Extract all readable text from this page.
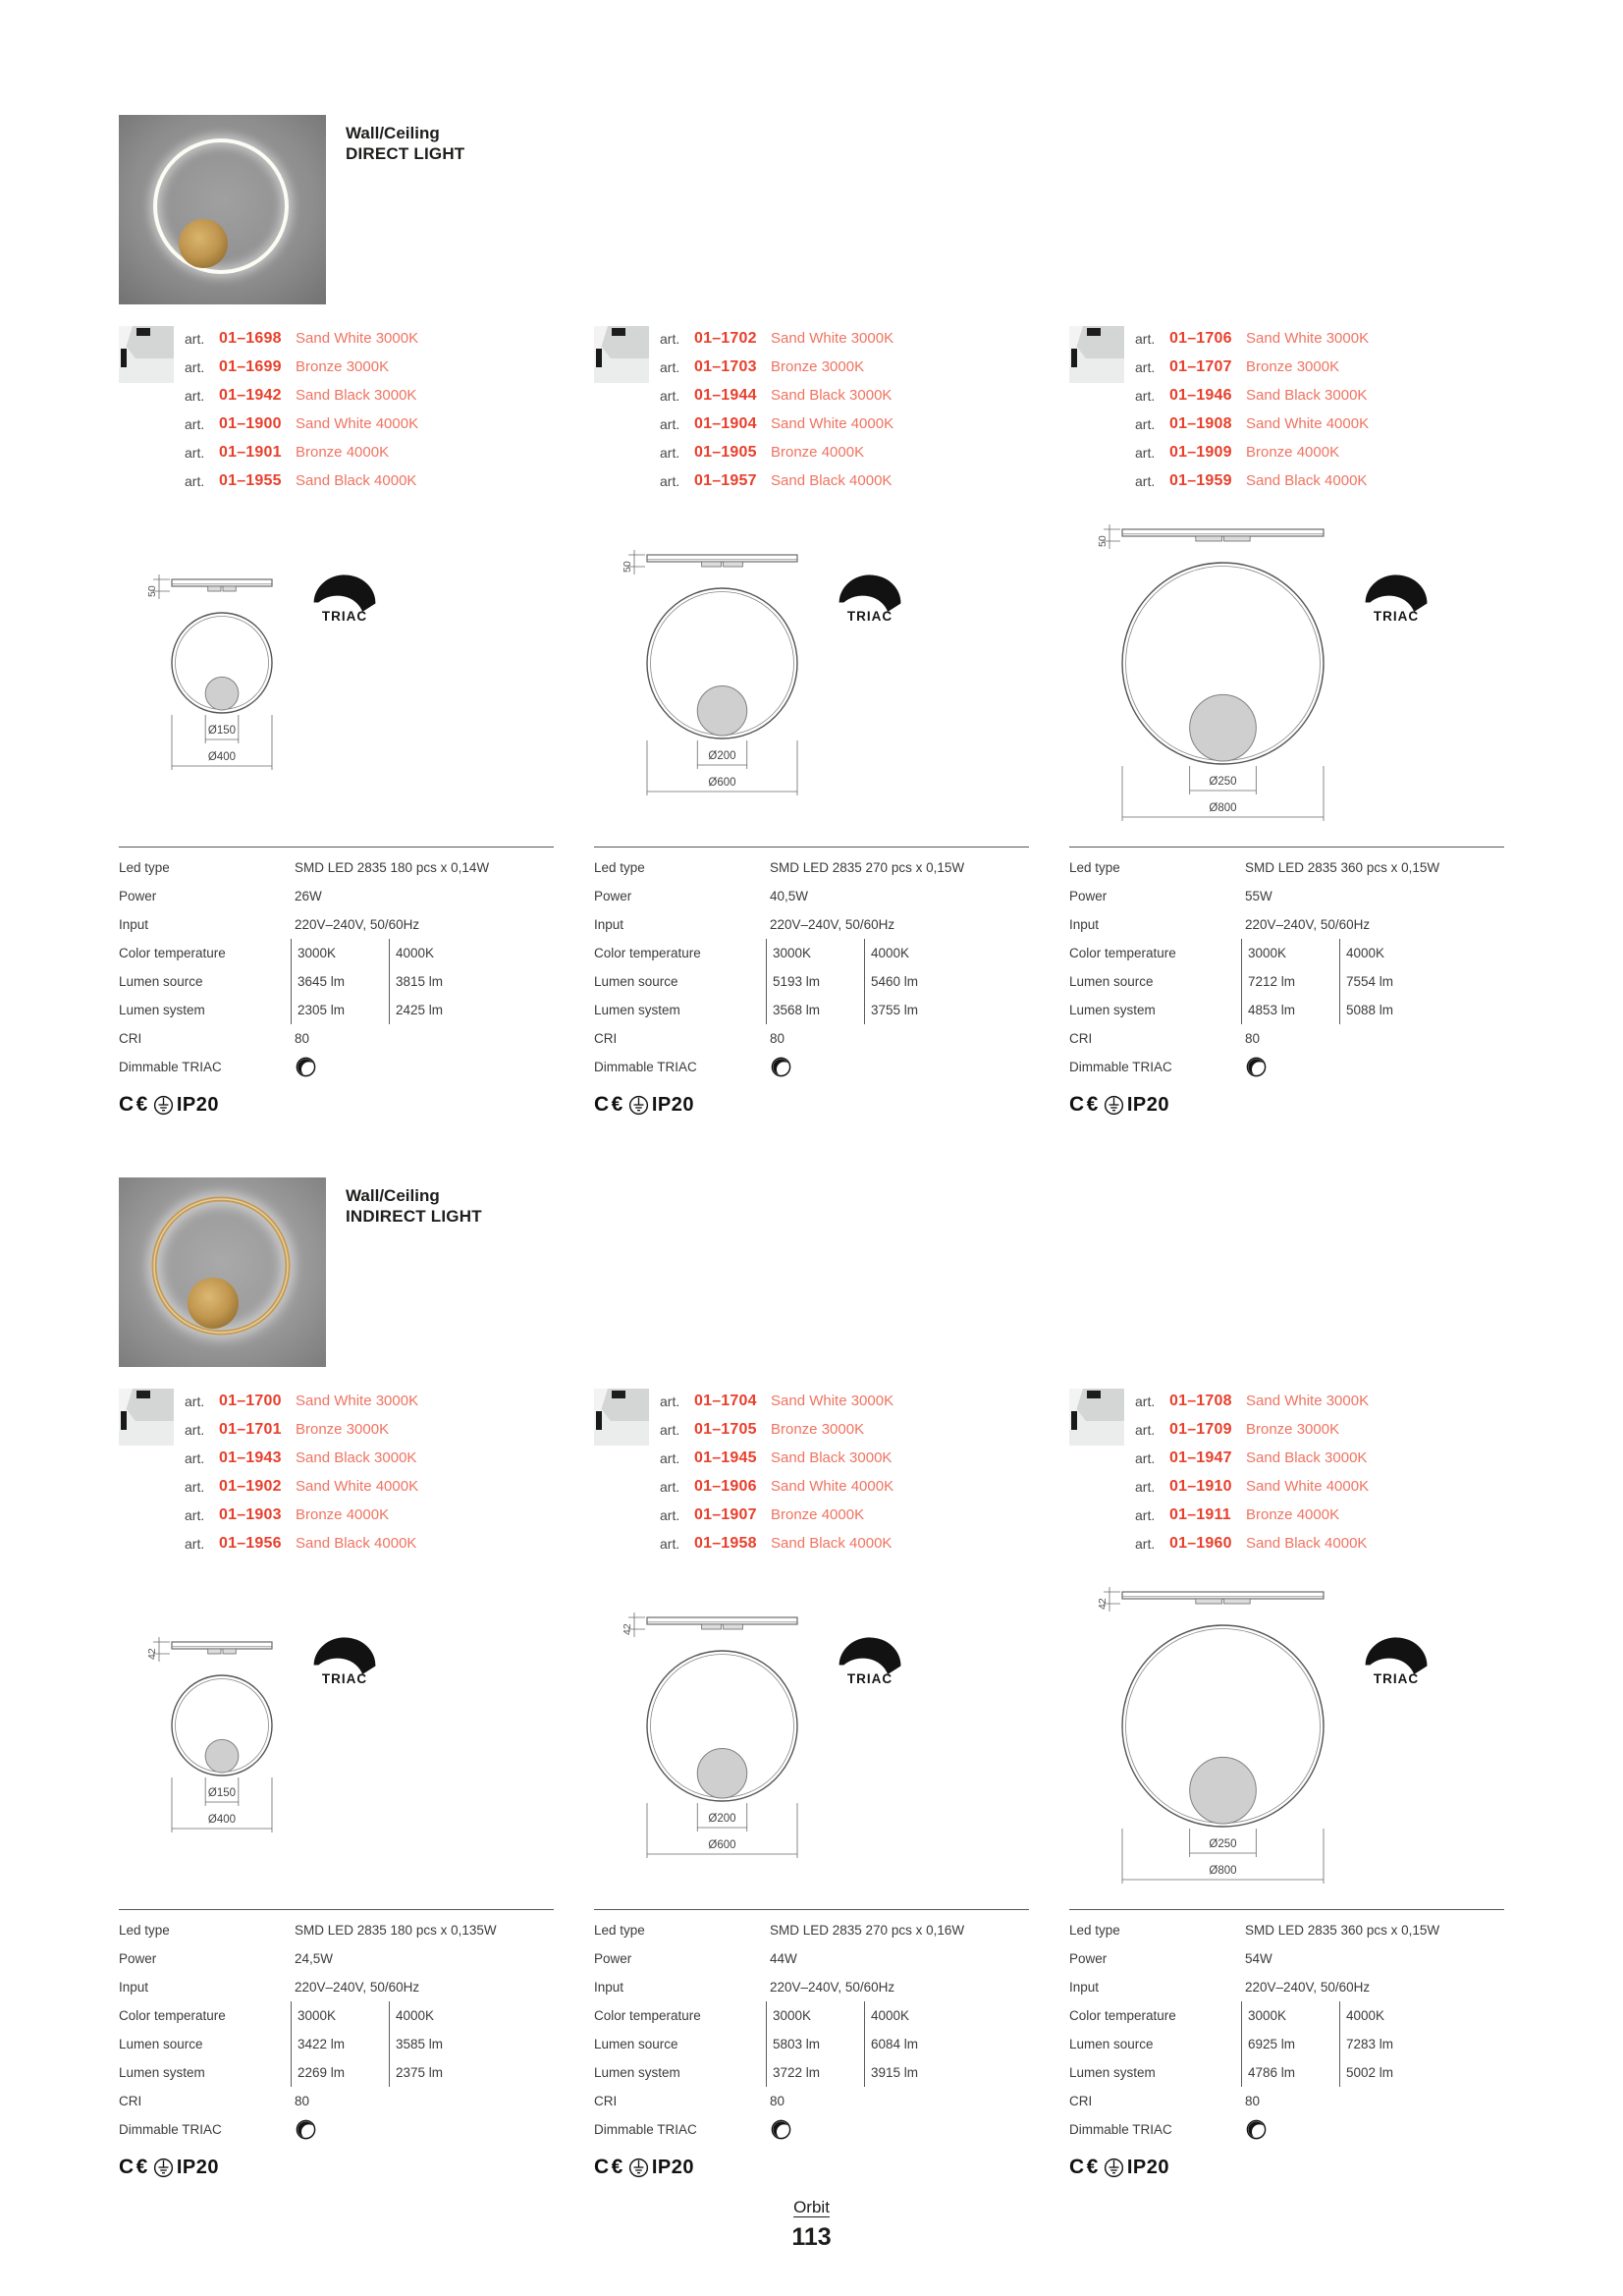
Wall/Ceiling
DIRECT LIGHT
art. 01–1698 Sand White 3000K
art. 01–1699 Bronze 3000K
art. 01–1942 Sand Black 3000K
art. 01–1900 Sand White 4000K
art. 01–1901 Bronze 4000K
art. 01–1955 Sand Black 4000K
art. 01–1702 Sand White 3000K
art. 01–1703 Bronze 3000K
art. 01–1944 Sand Black 3000K
art. 01–1904 Sand White 4000K
art. 01–1905 Bronze 4000K
art. 01–1957 Sand Black 4000K
art. 01–1706 Sand White 3000K
art. 01–1707 Bronze 3000K
art. 01–1946 Sand Black 3000K
art. 01–1908 Sand White 4000K
art. 01–1909 Bronze 4000K
art. 01–1959 Sand Black 4000K
50
Ø150
Ø400
TRIAC
50
Ø200
Ø600
TRIAC
50
Ø250
Ø800
TRIAC
Led type	SMD LED 2835 180 pcs x 0,14W
Power	26W
Input	220V–240V, 50/60Hz
Color temperature	3000K	4000K
Lumen source	3645 lm	3815 lm
Lumen system	2305 lm	2425 lm
CRI	80
Dimmable TRIAC
C€ IP20
Led type	SMD LED 2835 270 pcs x 0,15W
Power	40,5W
Input	220V–240V, 50/60Hz
Color temperature	3000K	4000K
Lumen source	5193 lm	5460 lm
Lumen system	3568 lm	3755 lm
CRI	80
Dimmable TRIAC
C€ IP20
Led type	SMD LED 2835 360 pcs x 0,15W
Power	55W
Input	220V–240V, 50/60Hz
Color temperature	3000K	4000K
Lumen source	7212 lm	7554 lm
Lumen system	4853 lm	5088 lm
CRI	80
Dimmable TRIAC
C€ IP20
Wall/Ceiling
INDIRECT LIGHT
art. 01–1700 Sand White 3000K
art. 01–1701 Bronze 3000K
art. 01–1943 Sand Black 3000K
art. 01–1902 Sand White 4000K
art. 01–1903 Bronze 4000K
art. 01–1956 Sand Black 4000K
art. 01–1704 Sand White 3000K
art. 01–1705 Bronze 3000K
art. 01–1945 Sand Black 3000K
art. 01–1906 Sand White 4000K
art. 01–1907 Bronze 4000K
art. 01–1958 Sand Black 4000K
art. 01–1708 Sand White 3000K
art. 01–1709 Bronze 3000K
art. 01–1947 Sand Black 3000K
art. 01–1910 Sand White 4000K
art. 01–1911	Bronze 4000K
art. 01–1960 Sand Black 4000K
42
Ø150
Ø400
TRIAC
42
Ø200
Ø600
TRIAC
42
Ø250
Ø800
TRIAC
Led type	SMD LED 2835 180 pcs x 0,135W
Power	24,5W
Input	220V–240V, 50/60Hz
Color temperature	3000K	4000K
Lumen source	3422 lm	3585 lm
Lumen system	2269 lm	2375 lm
CRI	80
Dimmable TRIAC
C€ IP20
Led type	SMD LED 2835 270 pcs x 0,16W
Power	44W
Input	220V–240V, 50/60Hz
Color temperature	3000K	4000K
Lumen source	5803 lm	6084 lm
Lumen system	3722 lm	3915 lm
CRI	80
Dimmable TRIAC
C€ IP20
Led type	SMD LED 2835 360 pcs x 0,15W
Power	54W
Input	220V–240V, 50/60Hz
Color temperature	3000K	4000K
Lumen source	6925 lm	7283 lm
Lumen system	4786 lm	5002 lm
CRI	80
Dimmable TRIAC
C€ IP20
Orbit
113
